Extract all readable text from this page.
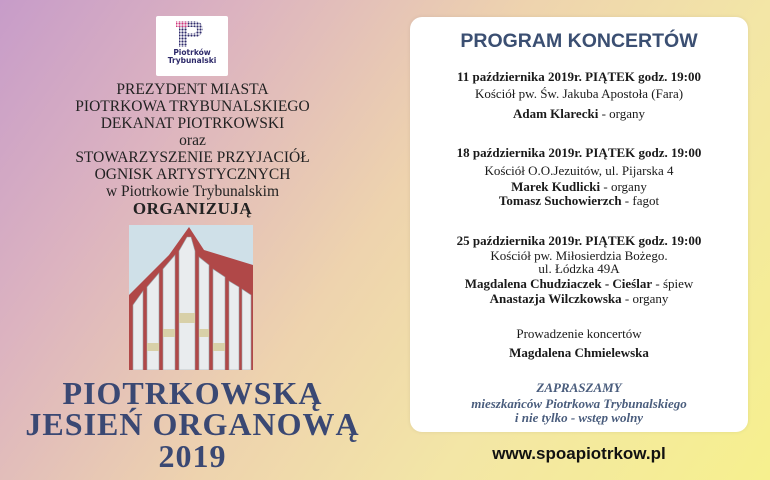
Piotrków
Trybunalski
PREZYDENT MIASTA
PIOTRKOWA TRYBUNALSKIEGO
DEKANAT PIOTRKOWSKI
oraz
STOWARZYSZENIE PRZYJACIÓŁ
OGNISK ARTYSTYCZNYCH
w Piotrkowie Trybunalskim
ORGANIZUJĄ
PIOTRKOWSKĄ
JESIEŃ ORGANOWĄ
2019
PROGRAM KONCERTÓW
11 października 2019r. PIĄTEK godz. 19:00
Kościół pw. Św. Jakuba Apostoła (Fara)
Adam Klarecki - organy
18 października 2019r. PIĄTEK godz. 19:00
Kościół O.O.Jezuitów, ul. Pijarska 4
Marek Kudlicki - organy
Tomasz Suchowierzch - fagot
25 października 2019r. PIĄTEK godz. 19:00
Kościół pw. Miłosierdzia Bożego.
ul. Łódzka 49A
Magdalena Chudziaczek - Cieślar - śpiew
Anastazja Wilczkowska - organy
Prowadzenie koncertów
Magdalena Chmielewska
ZAPRASZAMY
mieszkańców Piotrkowa Trybunalskiego
i nie tylko - wstęp wolny
www.spoapiotrkow.pl
